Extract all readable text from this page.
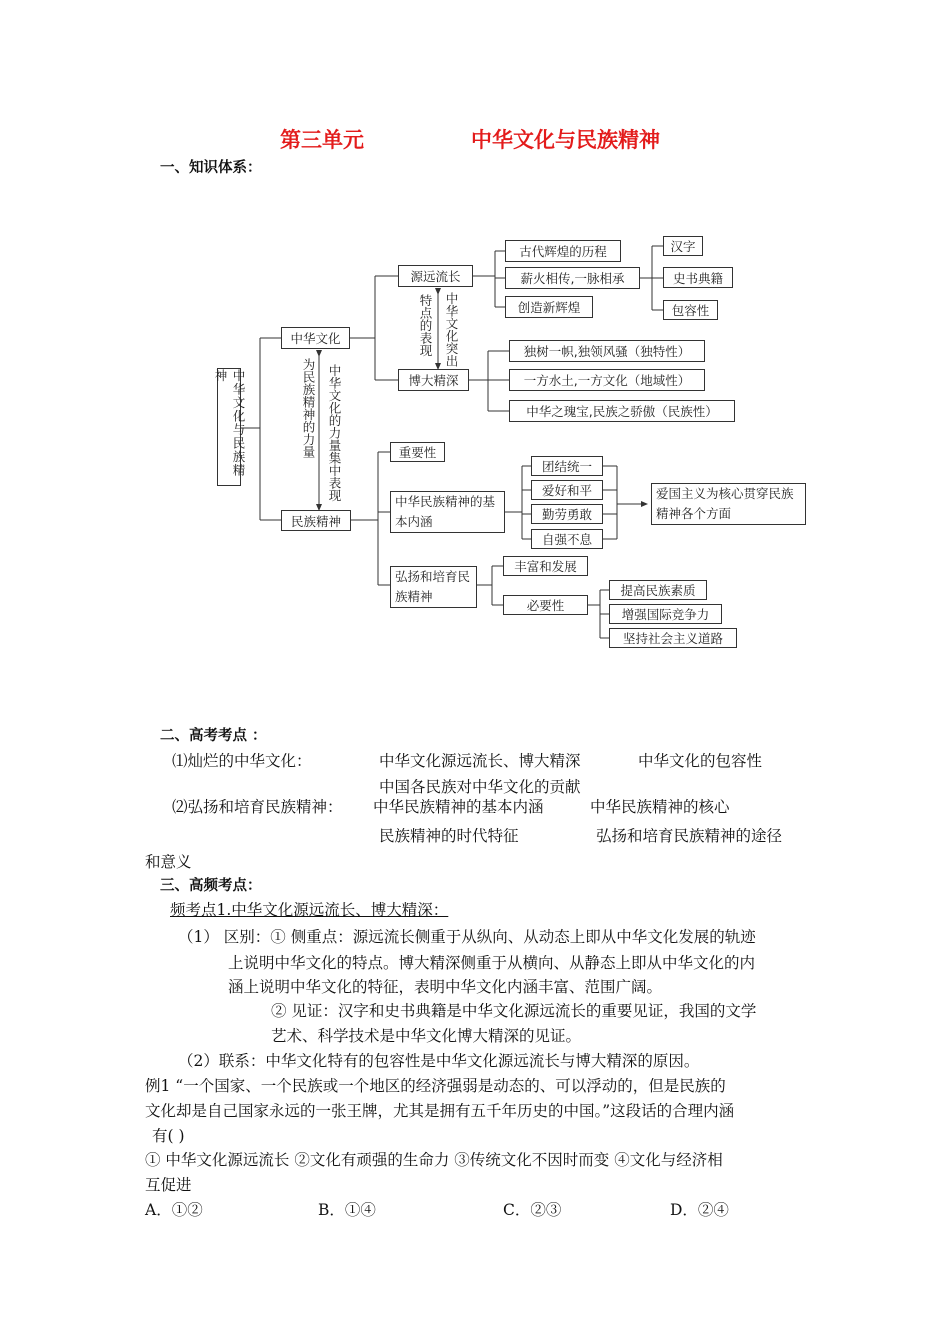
第三单元	中华文化与民族精神
一、知识体系：
中华文化与民族精神
中华文化
民族精神
为民族精神的力量 中华文化的力量集中表现
源远流长
博大精深
特点的表现 中华文化突出
古代辉煌的历程
薪火相传,一脉相承
创造新辉煌
汉字
史书典籍
包容性
独树一帜,独领风骚（独特性）
一方水土,一方文化（地域性）
中华之瑰宝,民族之骄傲（民族性）
重要性
中华民族精神的基本内涵
弘扬和培育民族精神
团结统一
爱好和平
勤劳勇敢
自强不息
爱国主义为核心贯穿民族精神各个方面
丰富和发展
必要性
提高民族素质
增强国际竞争力
坚持社会主义道路
二、高考考点 ：
⑴灿烂的中华文化：	中华文化源远流长、博大精深	中华文化的包容性
中国各民族对中华文化的贡献
⑵弘扬和培育民族精神： 中华民族精神的基本内涵	中华民族精神的核心
民族精神的时代特征	弘扬和培育民族精神的途径
和意义
三、高频考点：
频考点1.中华文化源远流长、博大精深：
（1） 区别：① 侧重点：源远流长侧重于从纵向、从动态上即从中华文化发展的轨迹
上说明中华文化的特点。博大精深侧重于从横向、从静态上即从中华文化的内
涵上说明中华文化的特征，表明中华文化内涵丰富、范围广阔。
② 见证：汉字和史书典籍是中华文化源远流长的重要见证，我国的文学
艺术、科学技术是中华文化博大精深的见证。
（2）联系：中华文化特有的包容性是中华文化源远流长与博大精深的原因。
例1 “一个国家、一个民族或一个地区的经济强弱是动态的、可以浮动的，但是民族的
文化却是自己国家永远的一张王牌，尤其是拥有五千年历史的中国。”这段话的合理内涵
有( )
① 中华文化源远流长 ②文化有顽强的生命力 ③传统文化不因时而变 ④文化与经济相
互促进
A．①②	B．①④	C．②③	D．②④
